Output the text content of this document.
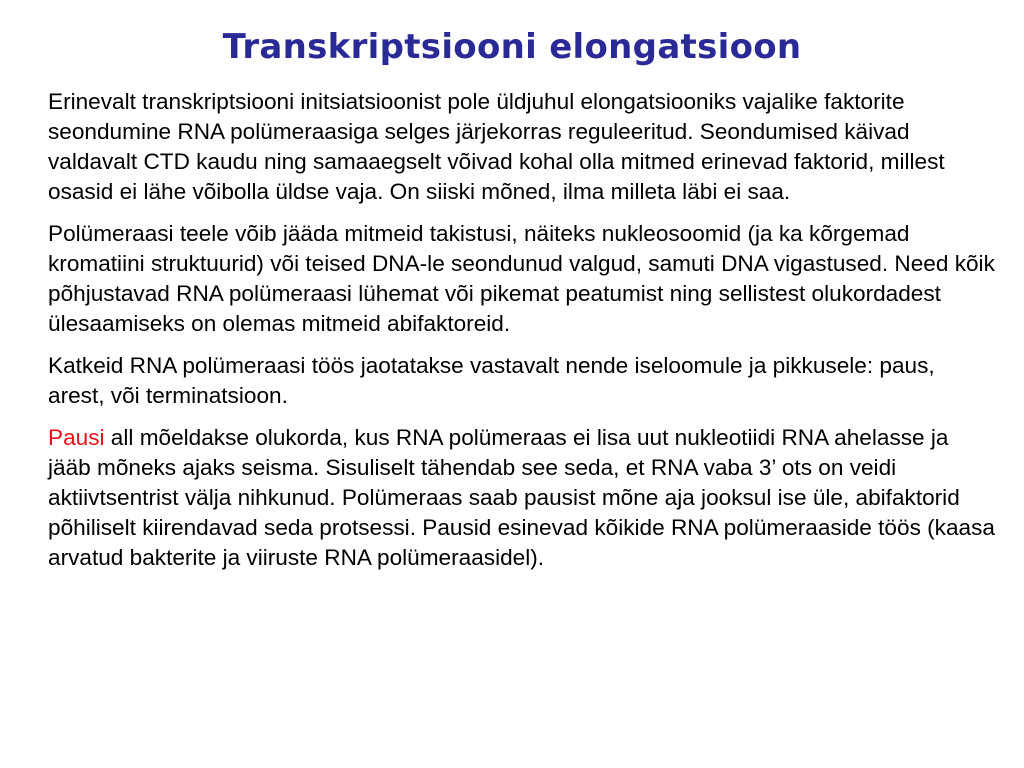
Transkriptsiooni elongatsioon

Erinevalt transkriptsiooni initsiatsioonist pole üldjuhul elongatsiooniks vajalike faktorite seondumine RNA polümeraasiga selges järjekorras reguleeritud. Seondumised käivad valdavalt CTD kaudu ning samaaegselt võivad kohal olla mitmed erinevad faktorid, millest osasid ei lähe võibolla üldse vaja. On siiski mõned, ilma milleta läbi ei saa.

Polümeraasi teele võib jääda mitmeid takistusi, näiteks nukleosoomid (ja ka kõrgemad kromatiini struktuurid) või teised DNA-le seondunud valgud, samuti DNA vigastused. Need kõik põhjustavad RNA polümeraasi lühemat või pikemat peatumist ning sellistest olukordadest ülesaamiseks on olemas mitmeid abifaktoreid.

Katkeid RNA polümeraasi töös jaotatakse vastavalt nende iseloomule ja pikkusele: paus, arest, või terminatsioon.

Pausi all mõeldakse olukorda, kus RNA polümeraas ei lisa uut nukleotiidi RNA ahelasse ja jääb mõneks ajaks seisma. Sisuliselt tähendab see seda, et RNA vaba 3’ ots on veidi aktiivtsentrist välja nihkunud. Polümeraas saab pausist mõne aja jooksul ise üle, abifaktorid põhiliselt kiirendavad seda protsessi. Pausid esinevad kõikide RNA polümeraaside töös (kaasa arvatud bakterite ja viiruste RNA polümeraasidel).
